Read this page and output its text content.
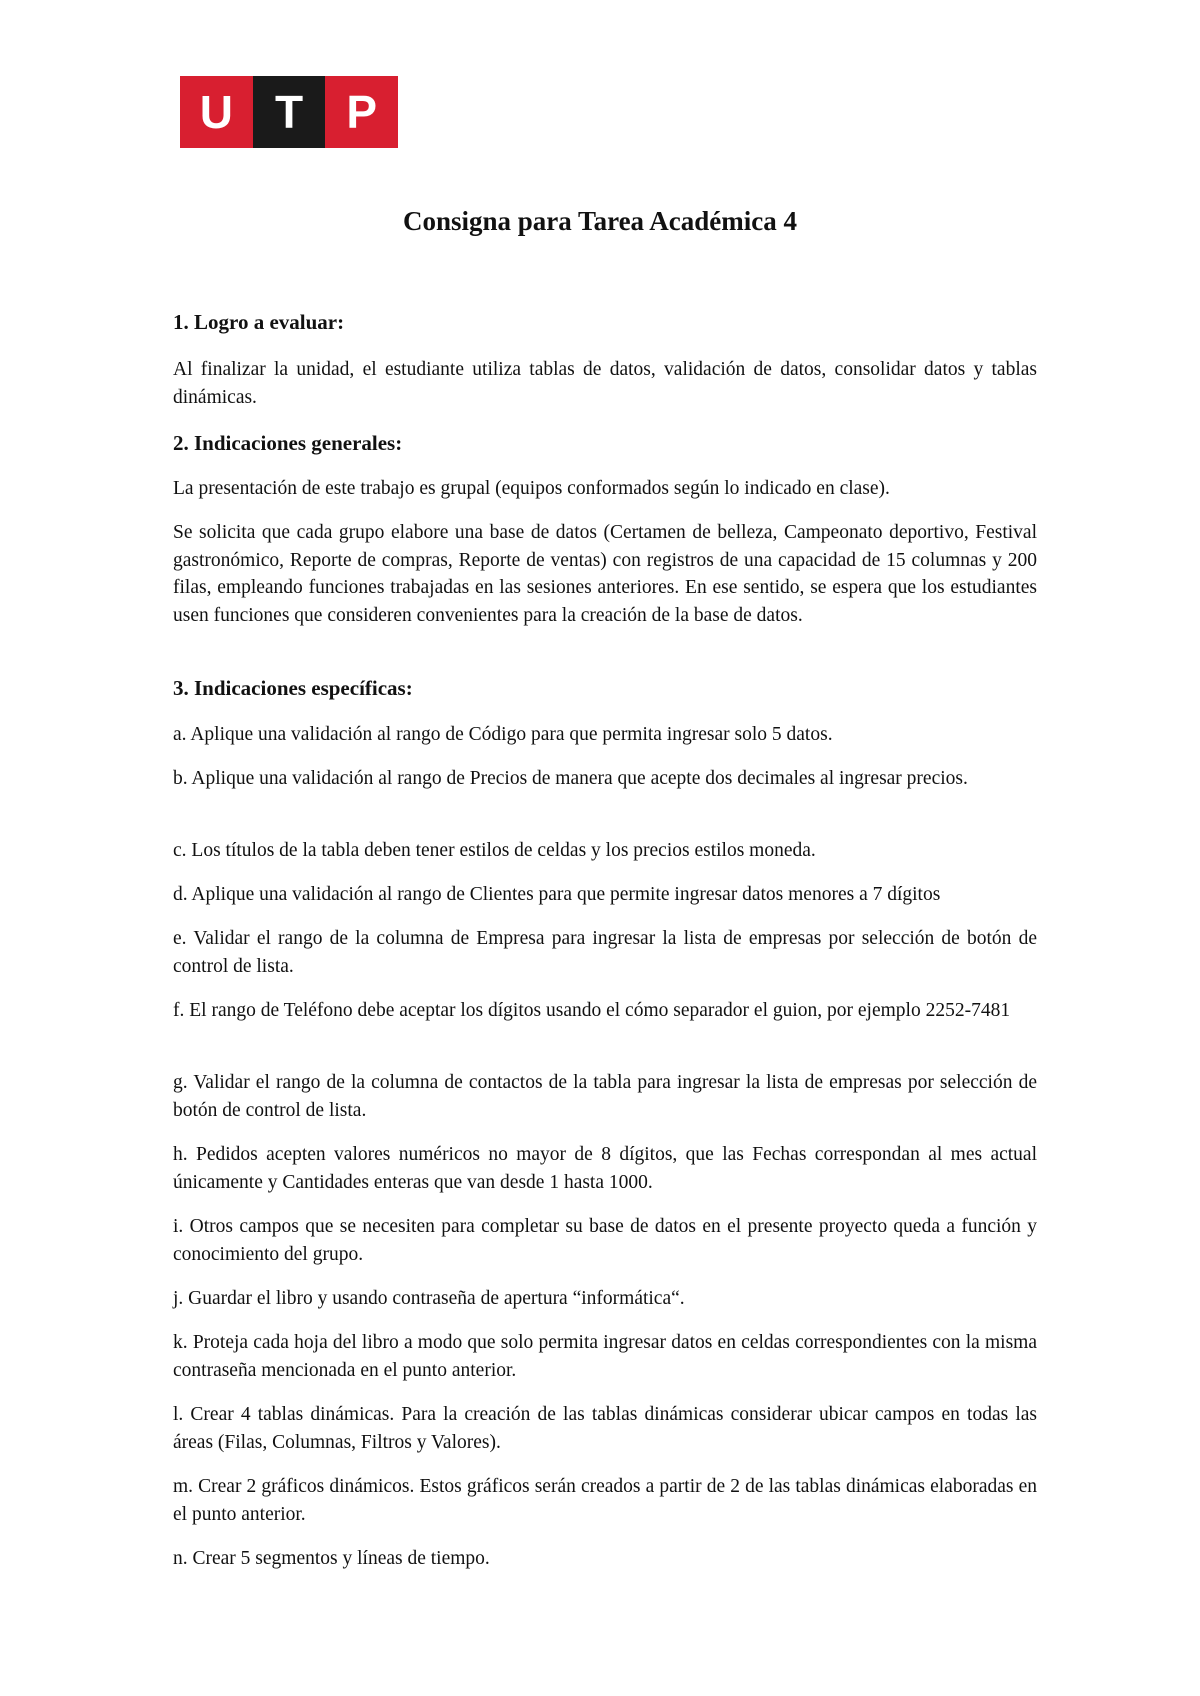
U T P
Consigna para Tarea Académica 4
1. Logro a evaluar:
Al finalizar la unidad, el estudiante utiliza tablas de datos, validación de datos, consolidar datos y tablas dinámicas.
2. Indicaciones generales:
La presentación de este trabajo es grupal (equipos conformados según lo indicado en clase).
Se solicita que cada grupo elabore una base de datos (Certamen de belleza, Campeonato deportivo, Festival gastronómico, Reporte de compras, Reporte de ventas) con registros de una capacidad de 15 columnas y 200 filas, empleando funciones trabajadas en las sesiones anteriores. En ese sentido, se espera que los estudiantes usen funciones que consideren convenientes para la creación de la base de datos.
3. Indicaciones específicas:
a. Aplique una validación al rango de Código para que permita ingresar solo 5 datos.
b. Aplique una validación al rango de Precios de manera que acepte dos decimales al ingresar precios.
c. Los títulos de la tabla deben tener estilos de celdas y los precios estilos moneda.
d. Aplique una validación al rango de Clientes para que permite ingresar datos menores a 7 dígitos
e. Validar el rango de la columna de Empresa para ingresar la lista de empresas por selección de botón de control de lista.
f. El rango de Teléfono debe aceptar los dígitos usando el cómo separador el guion, por ejemplo 2252-7481
g. Validar el rango de la columna de contactos de la tabla para ingresar la lista de empresas por selección de botón de control de lista.
h. Pedidos acepten valores numéricos no mayor de 8 dígitos, que las Fechas correspondan al mes actual únicamente y Cantidades enteras que van desde 1 hasta 1000.
i. Otros campos que se necesiten para completar su base de datos en el presente proyecto queda a función y conocimiento del grupo.
j. Guardar el libro y usando contraseña de apertura “informática“.
k. Proteja cada hoja del libro a modo que solo permita ingresar datos en celdas correspondientes con la misma contraseña mencionada en el punto anterior.
l. Crear 4 tablas dinámicas. Para la creación de las tablas dinámicas considerar ubicar campos en todas las áreas (Filas, Columnas, Filtros y Valores).
m. Crear 2 gráficos dinámicos. Estos gráficos serán creados a partir de 2 de las tablas dinámicas elaboradas en el punto anterior.
n. Crear 5 segmentos y líneas de tiempo.
